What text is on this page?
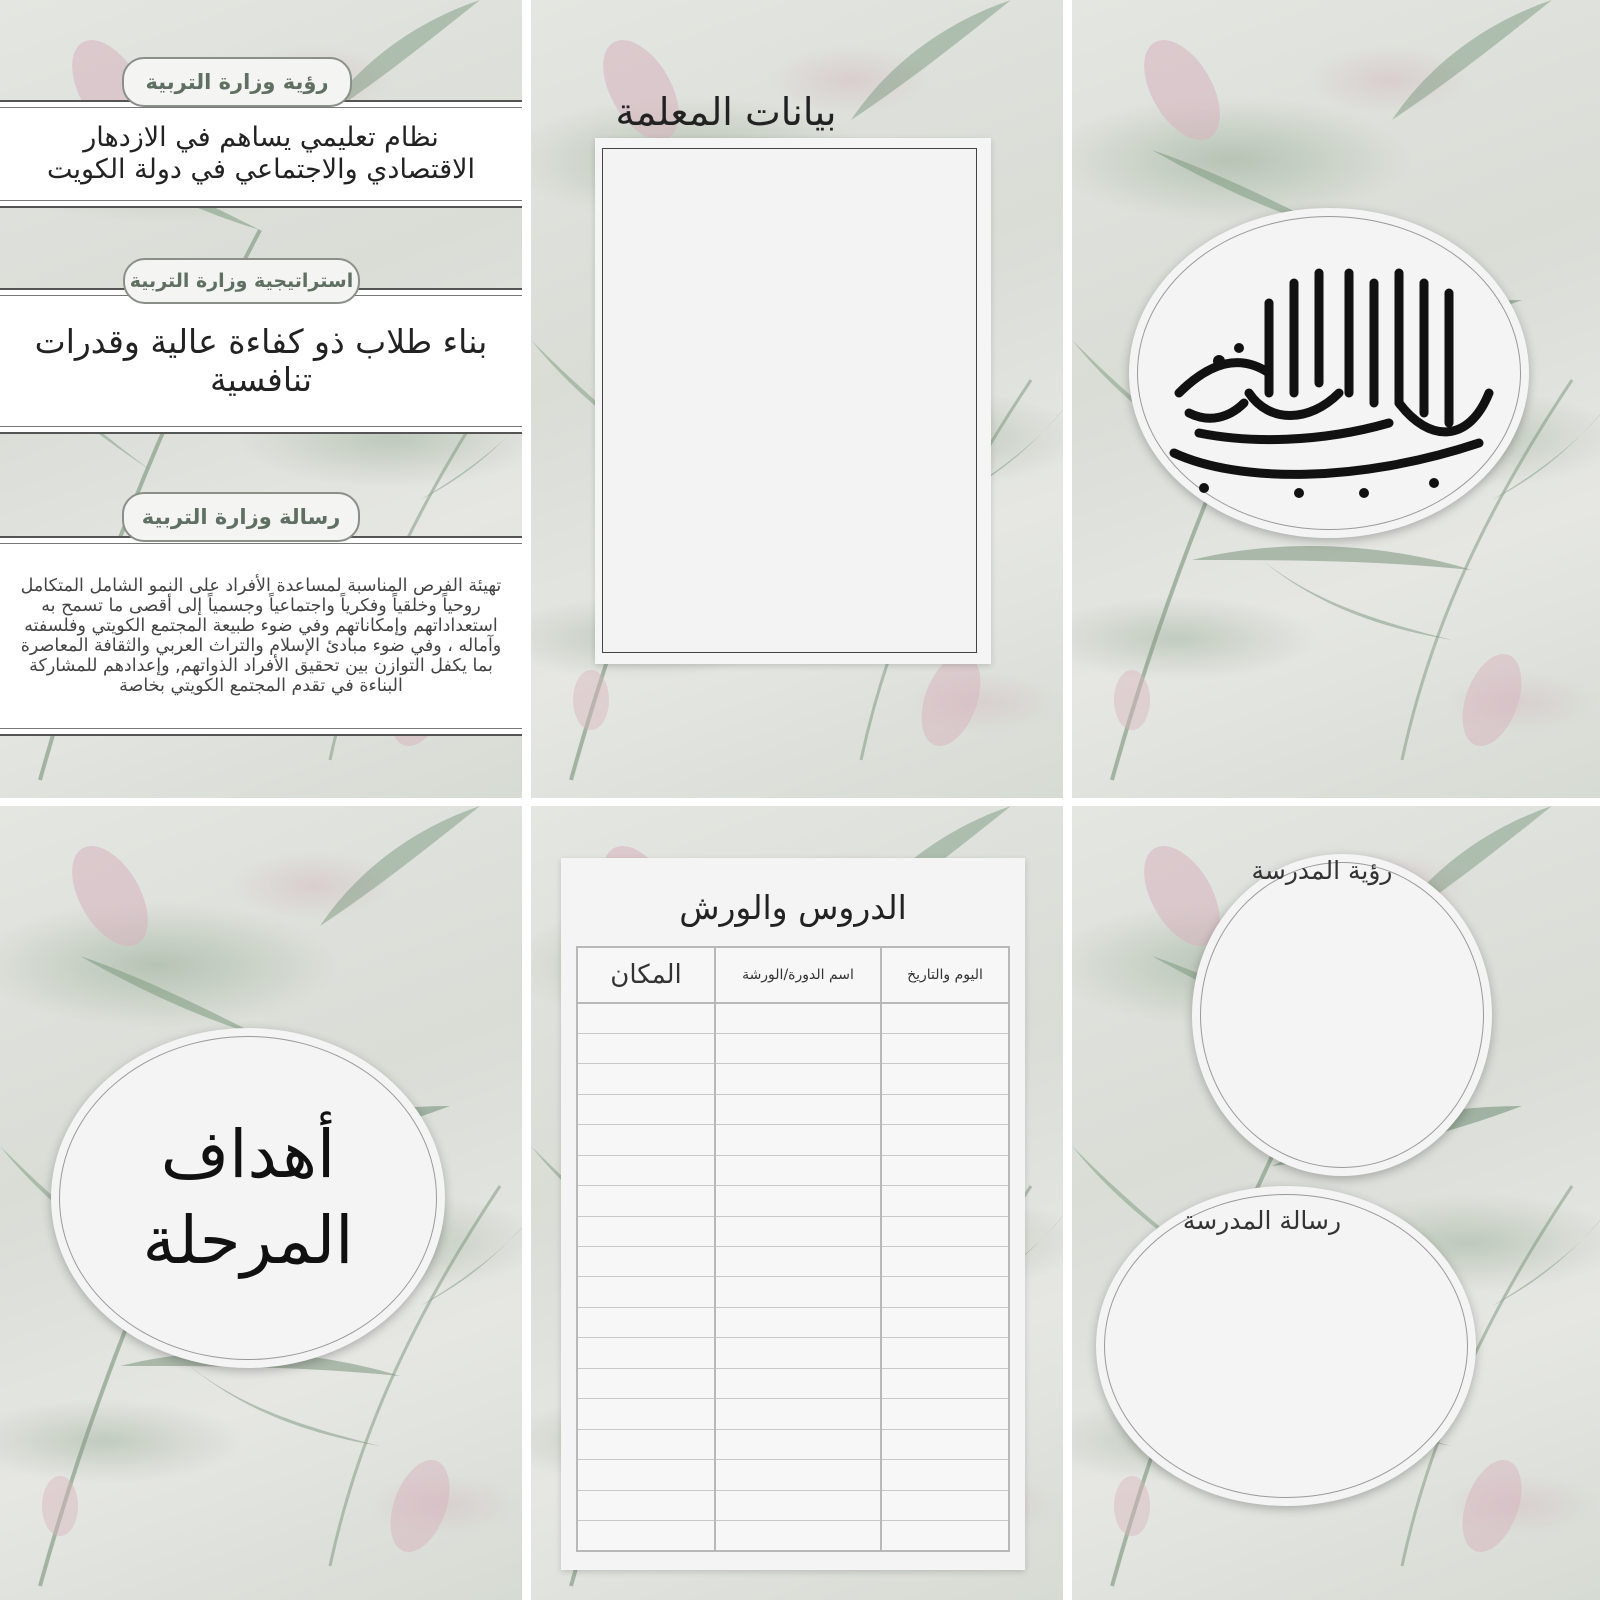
رؤية وزارة التربية
نظام تعليمي يساهم في الازدهار الاقتصادي والاجتماعي في دولة الكويت
استراتيجية وزارة التربية
بناء طلاب ذو كفاءة عالية وقدرات تنافسية
رسالة وزارة التربية
تهيئة الفرص المناسبة لمساعدة الأفراد على النمو الشامل المتكامل روحياً وخلقياً وفكرياً واجتماعياً وجسمياً إلى أقصى ما تسمح به استعداداتهم وإمكاناتهم وفي ضوء طبيعة المجتمع الكويتي وفلسفته وآماله ، وفي ضوء مبادئ الإسلام والتراث العربي والثقافة المعاصرة بما يكفل التوازن بين تحقيق الأفراد الذواتهم, وإعدادهم للمشاركة البناءة في تقدم المجتمع الكويتي بخاصة
بيانات المعلمة
أهداف
المرحلة
الدروس والورش
اليوم والتاريخ	اسم الدورة/الورشة	المكان

رؤية المدرسة
رسالة المدرسة
